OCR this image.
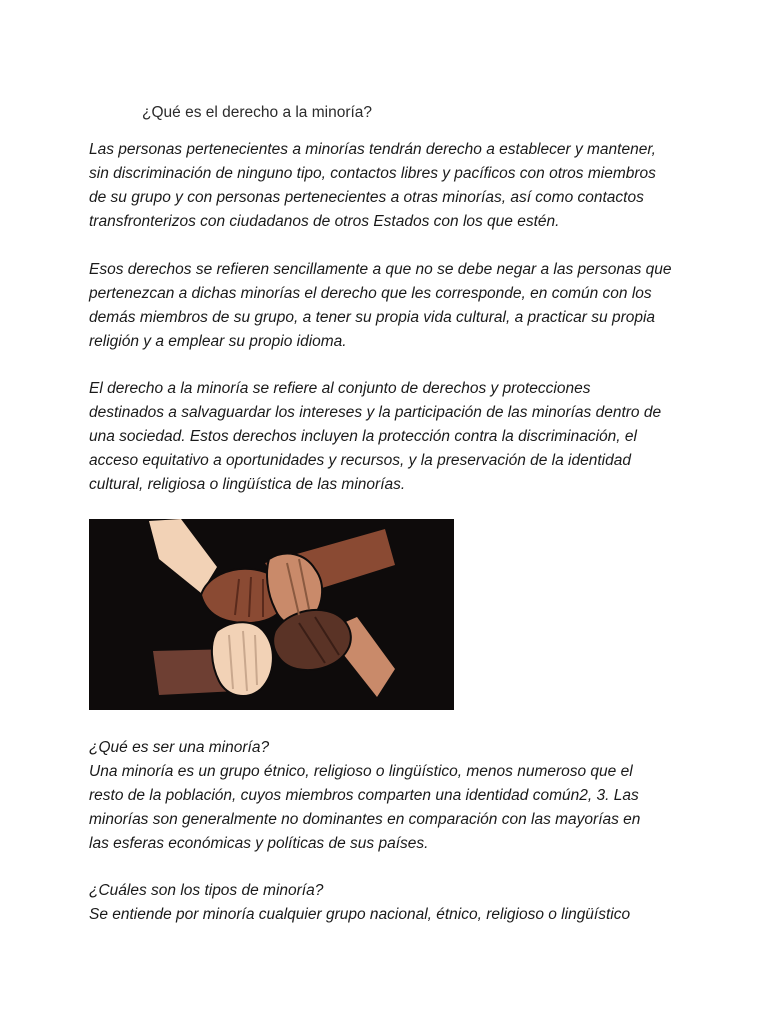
¿Qué es el derecho a la minoría?

Las personas pertenecientes a minorías tendrán derecho a establecer y mantener,
sin discriminación de ninguno tipo, contactos libres y pacíficos con otros miembros
de su grupo y con personas pertenecientes a otras minorías, así como contactos
transfronterizos con ciudadanos de otros Estados con los que estén.

Esos derechos se refieren sencillamente a que no se debe negar a las personas que
pertenezcan a dichas minorías el derecho que les corresponde, en común con los
demás miembros de su grupo, a tener su propia vida cultural, a practicar su propia
religión y a emplear su propio idioma.

El derecho a la minoría se refiere al conjunto de derechos y protecciones
destinados a salvaguardar los intereses y la participación de las minorías dentro de
una sociedad. Estos derechos incluyen la protección contra la discriminación, el
acceso equitativo a oportunidades y recursos, y la preservación de la identidad
cultural, religiosa o lingüística de las minorías.

¿Qué es ser una minoría?
Una minoría es un grupo étnico, religioso o lingüístico, menos numeroso que el
resto de la población, cuyos miembros comparten una identidad común2, 3. Las
minorías son generalmente no dominantes en comparación con las mayorías en
las esferas económicas y políticas de sus países.

¿Cuáles son los tipos de minoría?
Se entiende por minoría cualquier grupo nacional, étnico, religioso o lingüístico
